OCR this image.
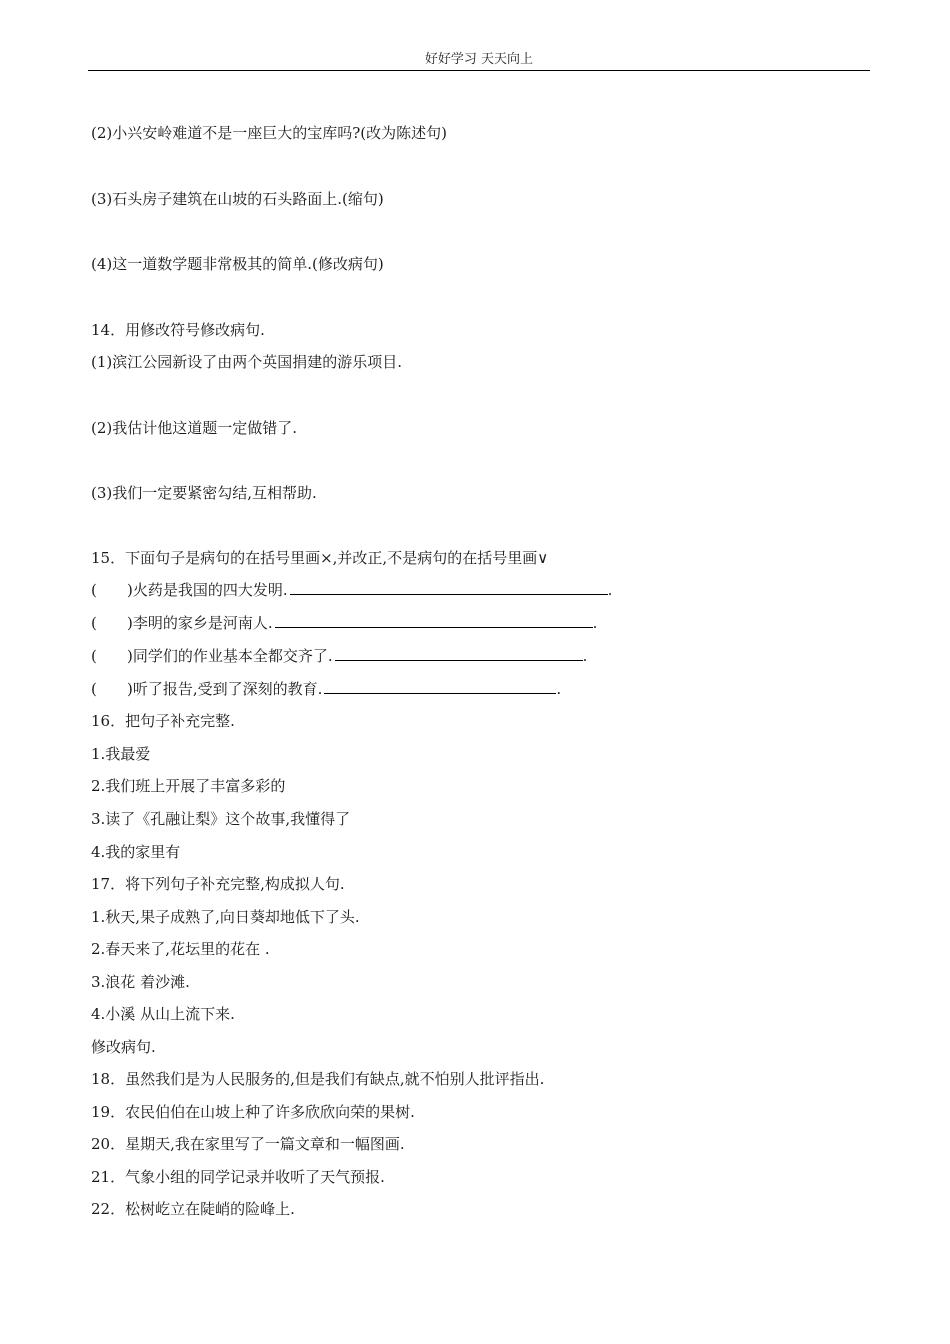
好好学习 天天向上
(2)小兴安岭难道不是一座巨大的宝库吗?(改为陈述句)
(3)石头房子建筑在山坡的石头路面上.(缩句)
(4)这一道数学题非常极其的简单.(修改病句)
14．用修改符号修改病句.
(1)滨江公园新设了由两个英国捐建的游乐项目.
(2)我估计他这道题一定做错了.
(3)我们一定要紧密勾结,互相帮助.
15．下面句子是病句的在括号里画×,并改正,不是病句的在括号里画∨
( )火药是我国的四大发明.	.
( )李明的家乡是河南人.	.
( )同学们的作业基本全都交齐了.	.
( )听了报告,受到了深刻的教育.	.
16．把句子补充完整.
1.我最爱
2.我们班上开展了丰富多彩的
3.读了《孔融让梨》这个故事,我懂得了
4.我的家里有
17．将下列句子补充完整,构成拟人句.
1.秋天,果子成熟了,向日葵却地低下了头.
2.春天来了,花坛里的花在 .
3.浪花 着沙滩.
4.小溪 从山上流下来.
修改病句.
18．虽然我们是为人民服务的,但是我们有缺点,就不怕别人批评指出.
19．农民伯伯在山坡上种了许多欣欣向荣的果树.
20．星期天,我在家里写了一篇文章和一幅图画.
21．气象小组的同学记录并收听了天气预报.
22．松树屹立在陡峭的险峰上.
